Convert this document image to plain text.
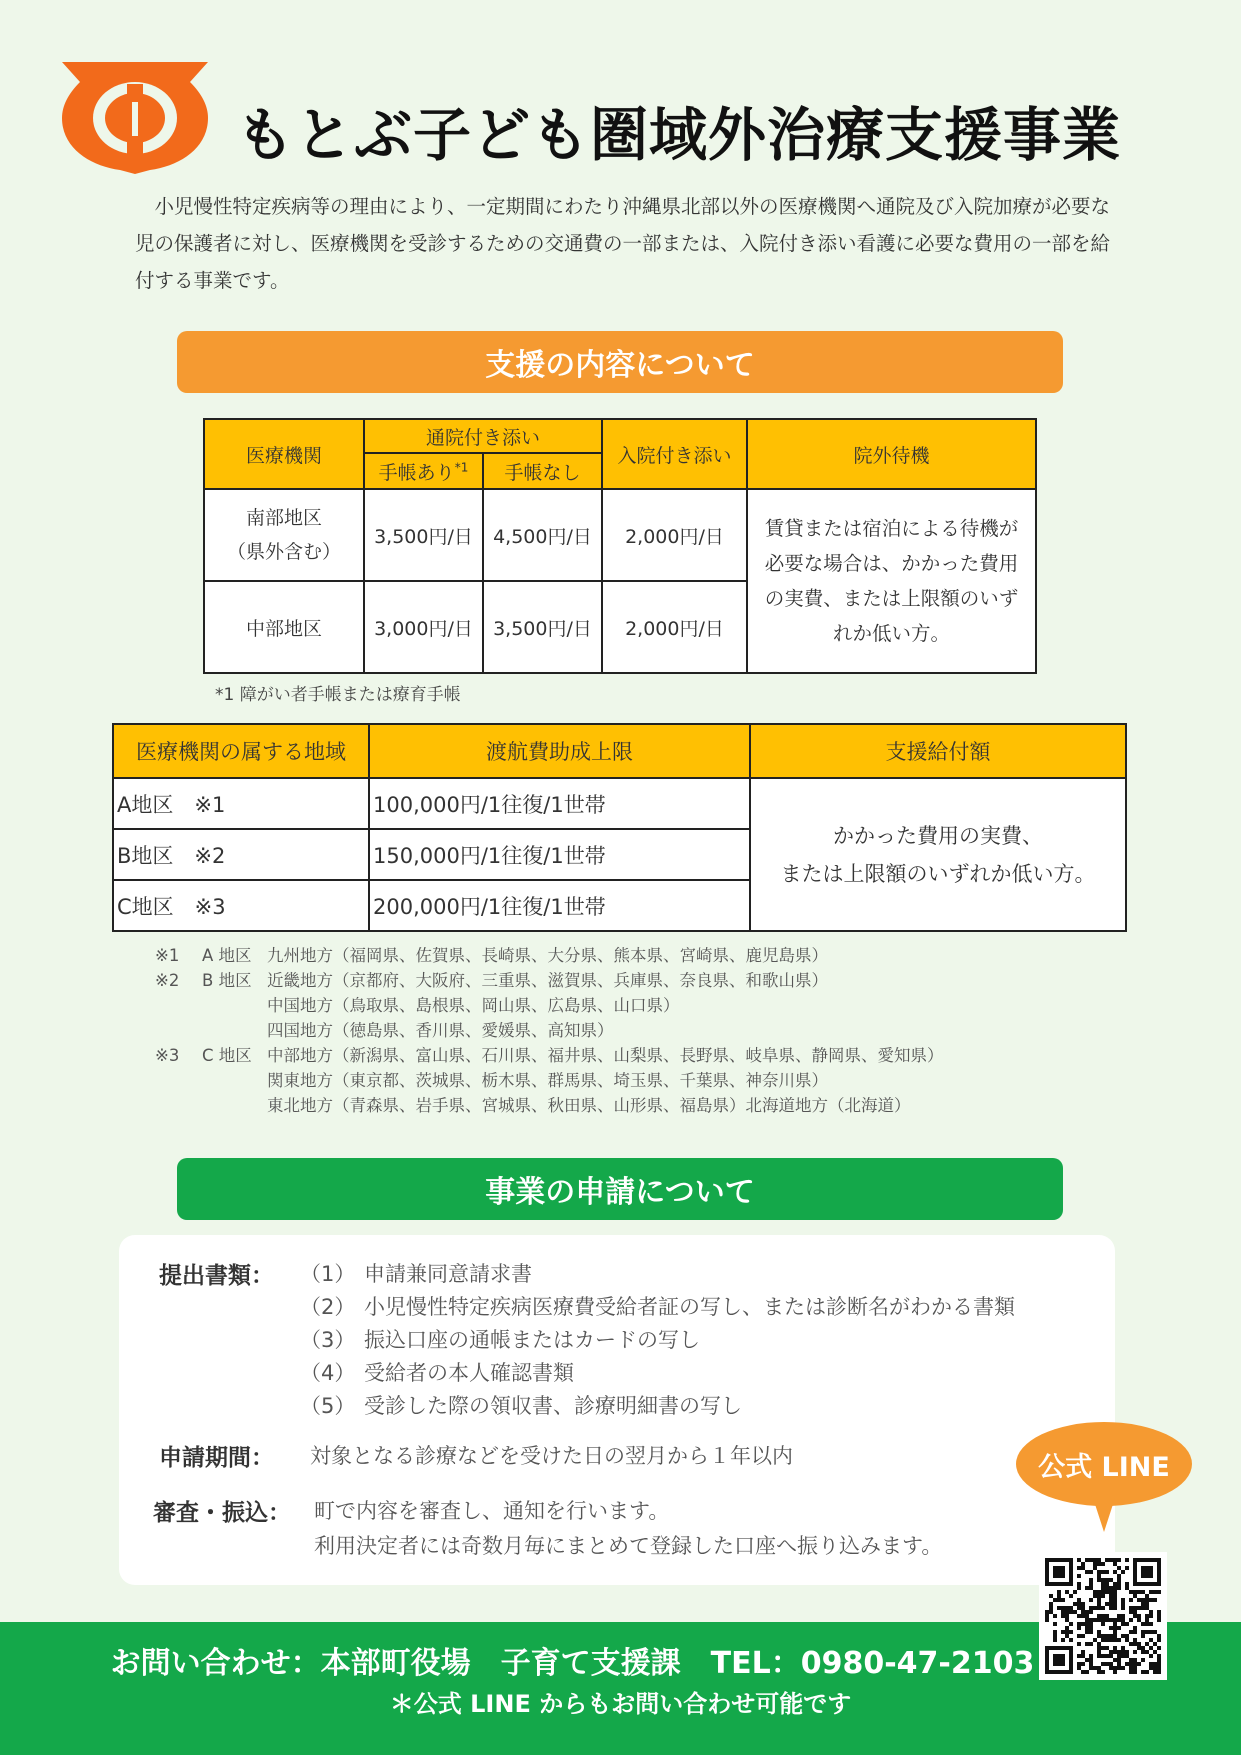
もとぶ子ども圏域外治療支援事業
 小児慢性特定疾病等の理由により、一定期間にわたり沖縄県北部以外の医療機関へ通院及び入院加療が必要な児の保護者に対し、医療機関を受診するための交通費の一部または、入院付き添い看護に必要な費用の一部を給付する事業です。
支援の内容について
医療機関	通院付き添い		入院付き添い	院外待機
	手帳あり$^{*1}$	手帳なし		
南部地区
（県外含む）	3,500円/日	4,500円/日	2,000円/日	賃貸または宿泊による待機が必要な場合は、かかった費用の実費、または上限額のいずれか低い方。
中部地区	3,000円/日	3,500円/日	2,000円/日	
*1 障がい者手帳または療育手帳
医療機関の属する地域	渡航費助成上限	支援給付額
A地区　※1	100,000円/1往復/1世帯	かかった費用の実費、
または上限額のいずれか低い方。
B地区　※2	150,000円/1往復/1世帯	
C地区　※3	200,000円/1往復/1世帯	
※1	A 地区 九州地方（福岡県、佐賀県、長崎県、大分県、熊本県、宮崎県、鹿児島県）
※2	B 地区 近畿地方（京都府、大阪府、三重県、滋賀県、兵庫県、奈良県、和歌山県）
中国地方（鳥取県、島根県、岡山県、広島県、山口県）
四国地方（徳島県、香川県、愛媛県、高知県）
※3	C 地区 中部地方（新潟県、富山県、石川県、福井県、山梨県、長野県、岐阜県、静岡県、愛知県）
関東地方（東京都、茨城県、栃木県、群馬県、埼玉県、千葉県、神奈川県）
東北地方（青森県、岩手県、宮城県、秋田県、山形県、福島県）北海道地方（北海道）
事業の申請について
提出書類： （1） 申請兼同意請求書
（2） 小児慢性特定疾病医療費受給者証の写し、または診断名がわかる書類
（3） 振込口座の通帳またはカードの写し
（4） 受給者の本人確認書類
（5） 受診した際の領収書、診療明細書の写し
申請期間： 対象となる診療などを受けた日の翌月から１年以内
審査・振込： 町で内容を審査し、通知を行います。
利用決定者には奇数月毎にまとめて登録した口座へ振り込みます。
公式 LINE
お問い合わせ：本部町役場　子育て支援課　TEL：0980-47-2103
＊公式 LINE からもお問い合わせ可能です
